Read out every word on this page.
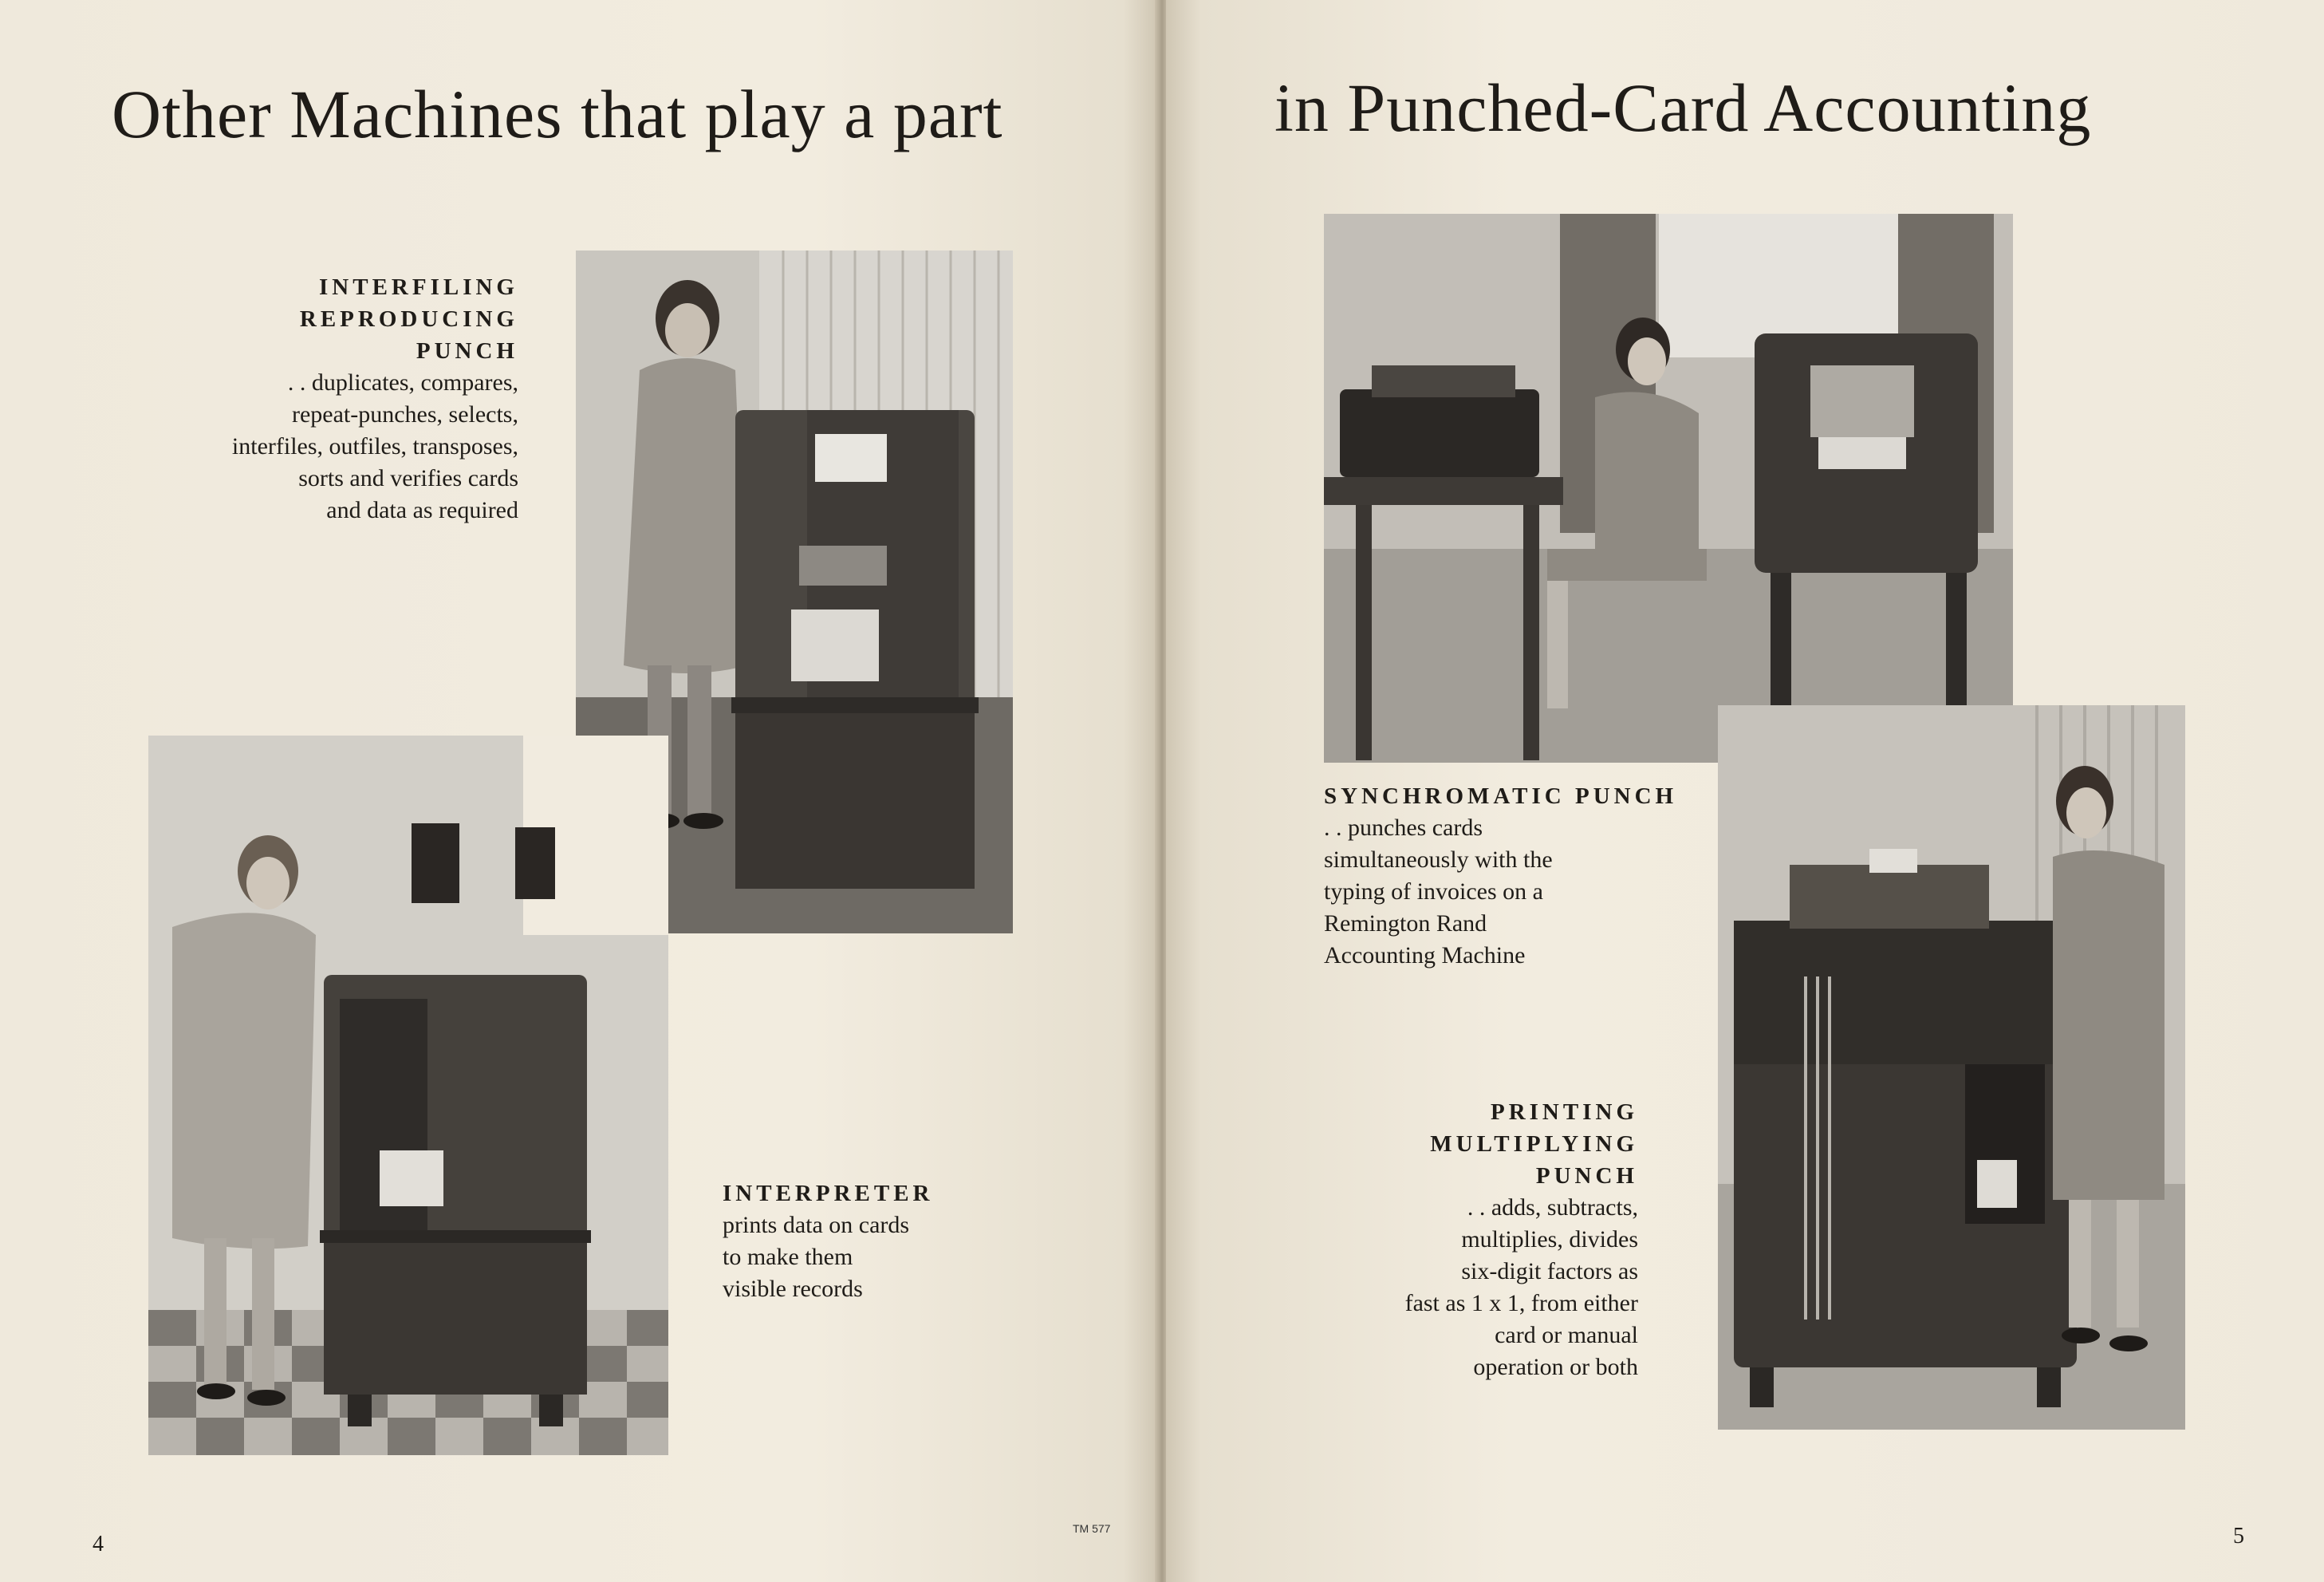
Other Machines that play a part
INTERFILING
REPRODUCING
PUNCH
. . duplicates, compares,
repeat-punches, selects,
interfiles, outfiles, transposes,
sorts and verifies cards
and data as required
INTERPRETER
prints data on cards
to make them
visible records
4
TM 577
in Punched-Card Accounting
SYNCHROMATIC PUNCH
. . punches cards
simultaneously with the
typing of invoices on a
Remington Rand
Accounting Machine
PRINTING
MULTIPLYING
PUNCH
. . adds, subtracts,
multiplies, divides
six-digit factors as
fast as 1 x 1, from either
card or manual
operation or both
5
